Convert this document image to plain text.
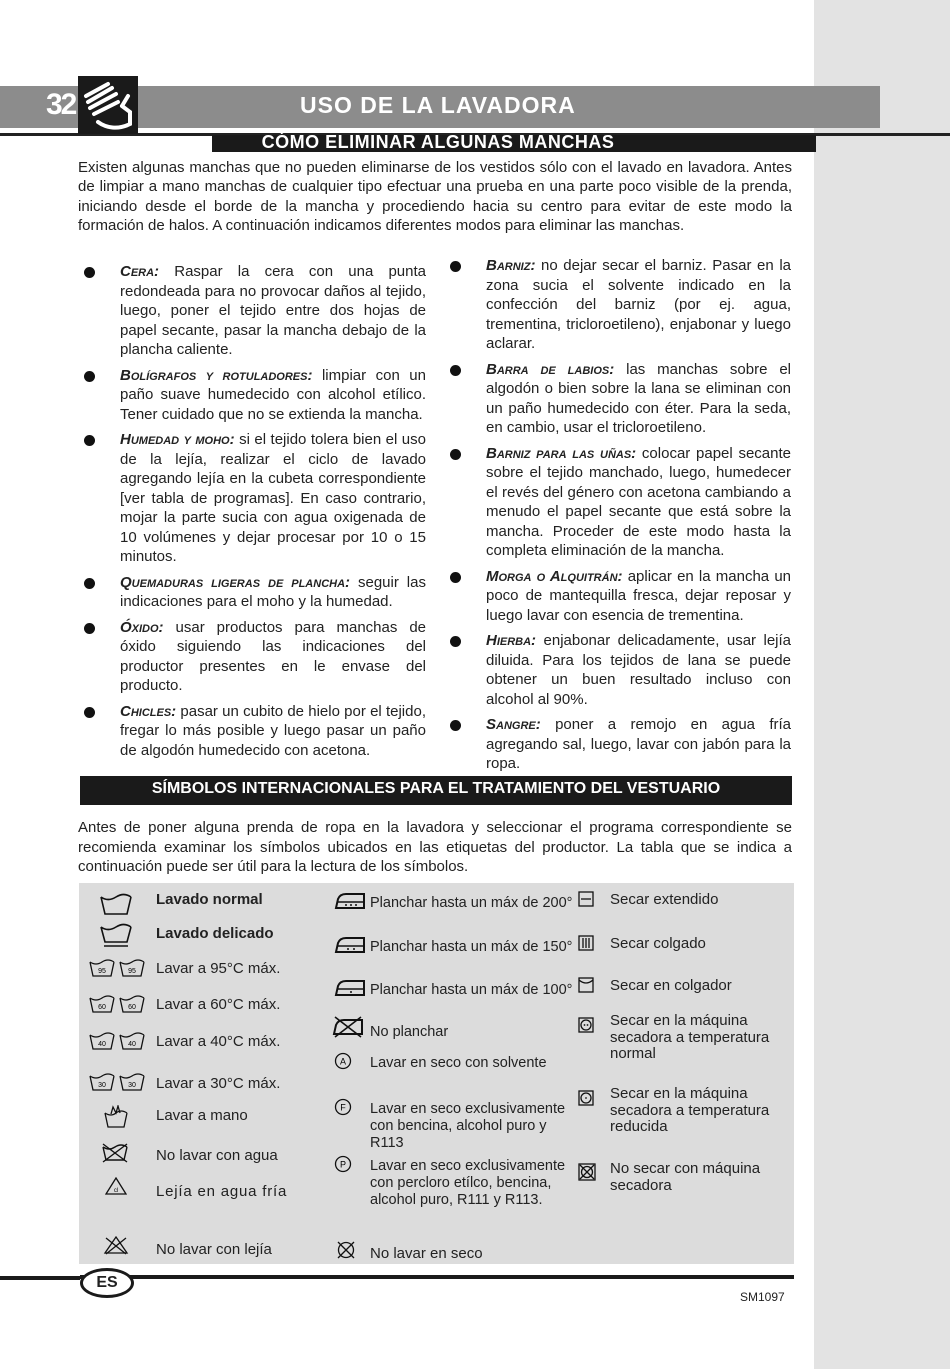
32	USO DE LA LAVADORA
CÓMO ELIMINAR ALGUNAS MANCHAS
Existen algunas manchas que no pueden eliminarse de los vestidos sólo con el lavado en lavadora. Antes de limpiar a mano manchas de cualquier tipo efectuar una prueba en una parte poco visible de la prenda, iniciando desde el borde de la mancha y procediendo hacia su centro para evitar de este modo la formación de halos. A continuación indicamos diferentes modos para eliminar las manchas.
Cera: Raspar la cera con una punta redondeada para no provocar daños al tejido, luego, poner el tejido entre dos hojas de papel secante, pasar la mancha debajo de la plancha caliente.
Bolígrafos y rotuladores: limpiar con un paño suave humedecido con alcohol etílico. Tener cuidado que no se extienda la mancha.
Humedad y moho: si el tejido tolera bien el uso de la lejía, realizar el ciclo de lavado agregando lejía en la cubeta correspondiente [ver tabla de programas]. En caso contrario, mojar la parte sucia con agua oxigenada de 10 volúmenes y dejar procesar por 10 o 15 minutos.
Quemaduras ligeras de plancha: seguir las indicaciones para el moho y la humedad.
Óxido: usar productos para manchas de óxido siguiendo las indicaciones del productor presentes en le envase del producto.
Chicles: pasar un cubito de hielo por el tejido, fregar lo más posible y luego pasar un paño de algodón humedecido con acetona.
Barniz: no dejar secar el barniz. Pasar en la zona sucia el solvente indicado en la confección del barniz (por ej. agua, trementina, tricloroetileno), enjabonar y luego aclarar.
Barra de labios: las manchas sobre el algodón o bien sobre la lana se eliminan con un paño humedecido con éter. Para la seda, en cambio, usar el tricloroetileno.
Barniz para las uñas: colocar papel secante sobre el tejido manchado, luego, humedecer el revés del género con acetona cambiando a menudo el papel secante que está sobre la mancha. Proceder de este modo hasta la completa eliminación de la mancha.
Morga o Alquitrán: aplicar en la mancha un poco de mantequilla fresca, dejar reposar y luego lavar con esencia de trementina.
Hierba: enjabonar delicadamente, usar lejía diluida. Para los tejidos de lana se puede obtener un buen resultado incluso con alcohol al 90%.
Sangre: poner a remojo en agua fría agregando sal, luego, lavar con jabón para la ropa.
SÍMBOLOS INTERNACIONALES PARA EL TRATAMIENTO DEL VESTUARIO
Antes de poner alguna prenda de ropa en la lavadora y seleccionar el programa correspondiente se recomienda examinar los símbolos ubicados en las etiquetas del productor. La tabla que se indica a continuación puede ser útil para la lectura de los símbolos.
Lavado normal
Lavado delicado
95	95 Lavar a 95°C máx.
60	60 Lavar a 60°C máx.
40	40 Lavar a 40°C máx.
30	30 Lavar a 30°C máx.
Lavar a mano
No lavar con agua
cl	Lejía en agua fría
No lavar con lejía
Planchar hasta un máx de 200°
Planchar hasta un máx de 150°
Planchar hasta un máx de 100°
No planchar
A Lavar en seco con solvente
F Lavar en seco exclusivamente con bencina, alcohol puro y R113
P Lavar en seco exclusivamente con percloro etílco, bencina, alcohol puro, R111 y R113.
No lavar en seco
Secar extendido
Secar colgado
Secar en colgador
Secar en la máquina secadora a temperatura normal
Secar en la máquina secadora a temperatura reducida
No secar con máquina secadora
ES
SM1097
